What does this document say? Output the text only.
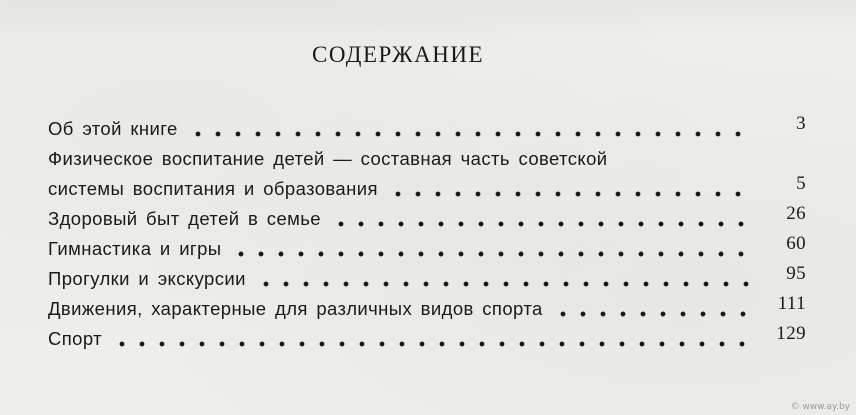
СОДЕРЖАНИЕ
Об этой книге	3
Физическое воспитание детей — составная часть советской
системы воспитания и образования	5
Здоровый быт детей в семье	26
Гимнастика и игры	60
Прогулки и экскурсии	95
Движения, характерные для различных видов спорта	111
Спорт	129
© www.ay.by
